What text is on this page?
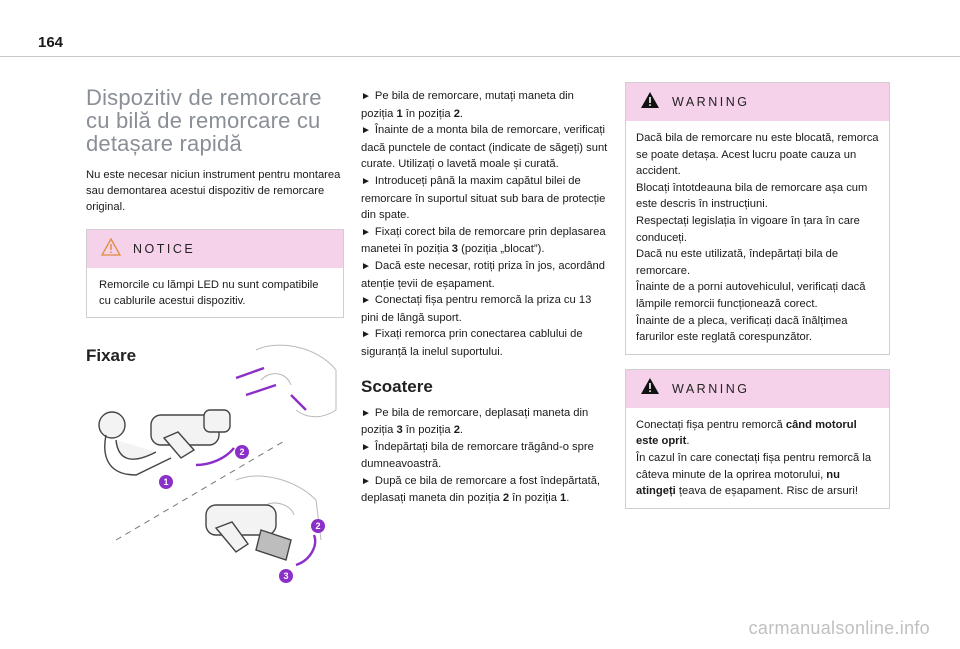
164
Dispozitiv de remorcare
cu bilă de remorcare cu
detașare rapidă

Nu este necesar niciun instrument pentru montarea sau demontarea acestui dispozitiv de remorcare original.

NOTICE
Remorcile cu lămpi LED nu sunt compatibile cu cablurile acestui dispozitiv.
Fixare
1
2
2
3

► Pe bila de remorcare, mutați maneta din poziția 1 în poziția 2.

► Înainte de a monta bila de remorcare, verificați dacă punctele de contact (indicate de săgeți) sunt curate. Utilizați o lavetă moale și curată.

► Introduceți până la maxim capătul bilei de remorcare în suportul situat sub bara de protecție din spate.

► Fixați corect bila de remorcare prin deplasarea manetei în poziția 3 (poziția „blocat”).

► Dacă este necesar, rotiți priza în jos, acordând atenție țevii de eșapament.

► Conectați fișa pentru remorcă la priza cu 13 pini de lângă suport.

► Fixați remorca prin conectarea cablului de siguranță la inelul suportului.

Scoatere

► Pe bila de remorcare, deplasați maneta din poziția 3 în poziția 2.

► Îndepărtați bila de remorcare trăgând-o spre dumneavoastră.

► După ce bila de remorcare a fost îndepărtată, deplasați maneta din poziția 2 în poziția 1.

WARNING
Dacă bila de remorcare nu este blocată, remorca se poate detașa. Acest lucru poate cauza un accident.
Blocați întotdeauna bila de remorcare așa cum este descris în instrucțiuni.
Respectați legislația în vigoare în țara în care conduceți.
Dacă nu este utilizată, îndepărtați bila de remorcare.
Înainte de a porni autovehiculul, verificați dacă lămpile remorcii funcționează corect.
Înainte de a pleca, verificați dacă înălțimea farurilor este reglată corespunzător.
WARNING
Conectați fișa pentru remorcă când motorul este oprit.
În cazul în care conectați fișa pentru remorcă la câteva minute de la oprirea motorului, nu atingeți țeava de eșapament. Risc de arsuri!
carmanualsonline.info
